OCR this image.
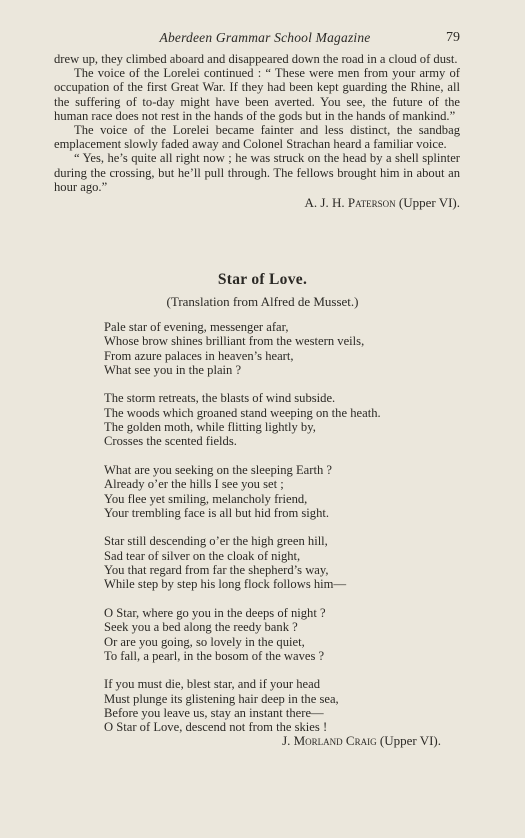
Aberdeen Grammar School Magazine	79

drew up, they climbed aboard and disappeared down the road in a cloud of dust.

The voice of the Lorelei continued : “ These were men from your army of occupation of the first Great War. If they had been kept guarding the Rhine, all the suffering of to-day might have been averted. You see, the future of the human race does not rest in the hands of the gods but in the hands of mankind.”

The voice of the Lorelei became fainter and less distinct, the sandbag emplacement slowly faded away and Colonel Strachan heard a familiar voice.

“ Yes, he’s quite all right now ; he was struck on the head by a shell splinter during the crossing, but he’ll pull through. The fellows brought him in about an hour ago.”

A. J. H. Paterson (Upper VI).
Star of Love.
(Translation from Alfred de Musset.)
Pale star of evening, messenger afar,
Whose brow shines brilliant from the western veils,
From azure palaces in heaven’s heart,
What see you in the plain ?
The storm retreats, the blasts of wind subside.
The woods which groaned stand weeping on the heath.
The golden moth, while flitting lightly by,
Crosses the scented fields.
What are you seeking on the sleeping Earth ?
Already o’er the hills I see you set ;
You flee yet smiling, melancholy friend,
Your trembling face is all but hid from sight.
Star still descending o’er the high green hill,
Sad tear of silver on the cloak of night,
You that regard from far the shepherd’s way,
While step by step his long flock follows him—
O Star, where go you in the deeps of night ?
Seek you a bed along the reedy bank ?
Or are you going, so lovely in the quiet,
To fall, a pearl, in the bosom of the waves ?
If you must die, blest star, and if your head
Must plunge its glistening hair deep in the sea,
Before you leave us, stay an instant there—
O Star of Love, descend not from the skies !
J. Morland Craig (Upper VI).
